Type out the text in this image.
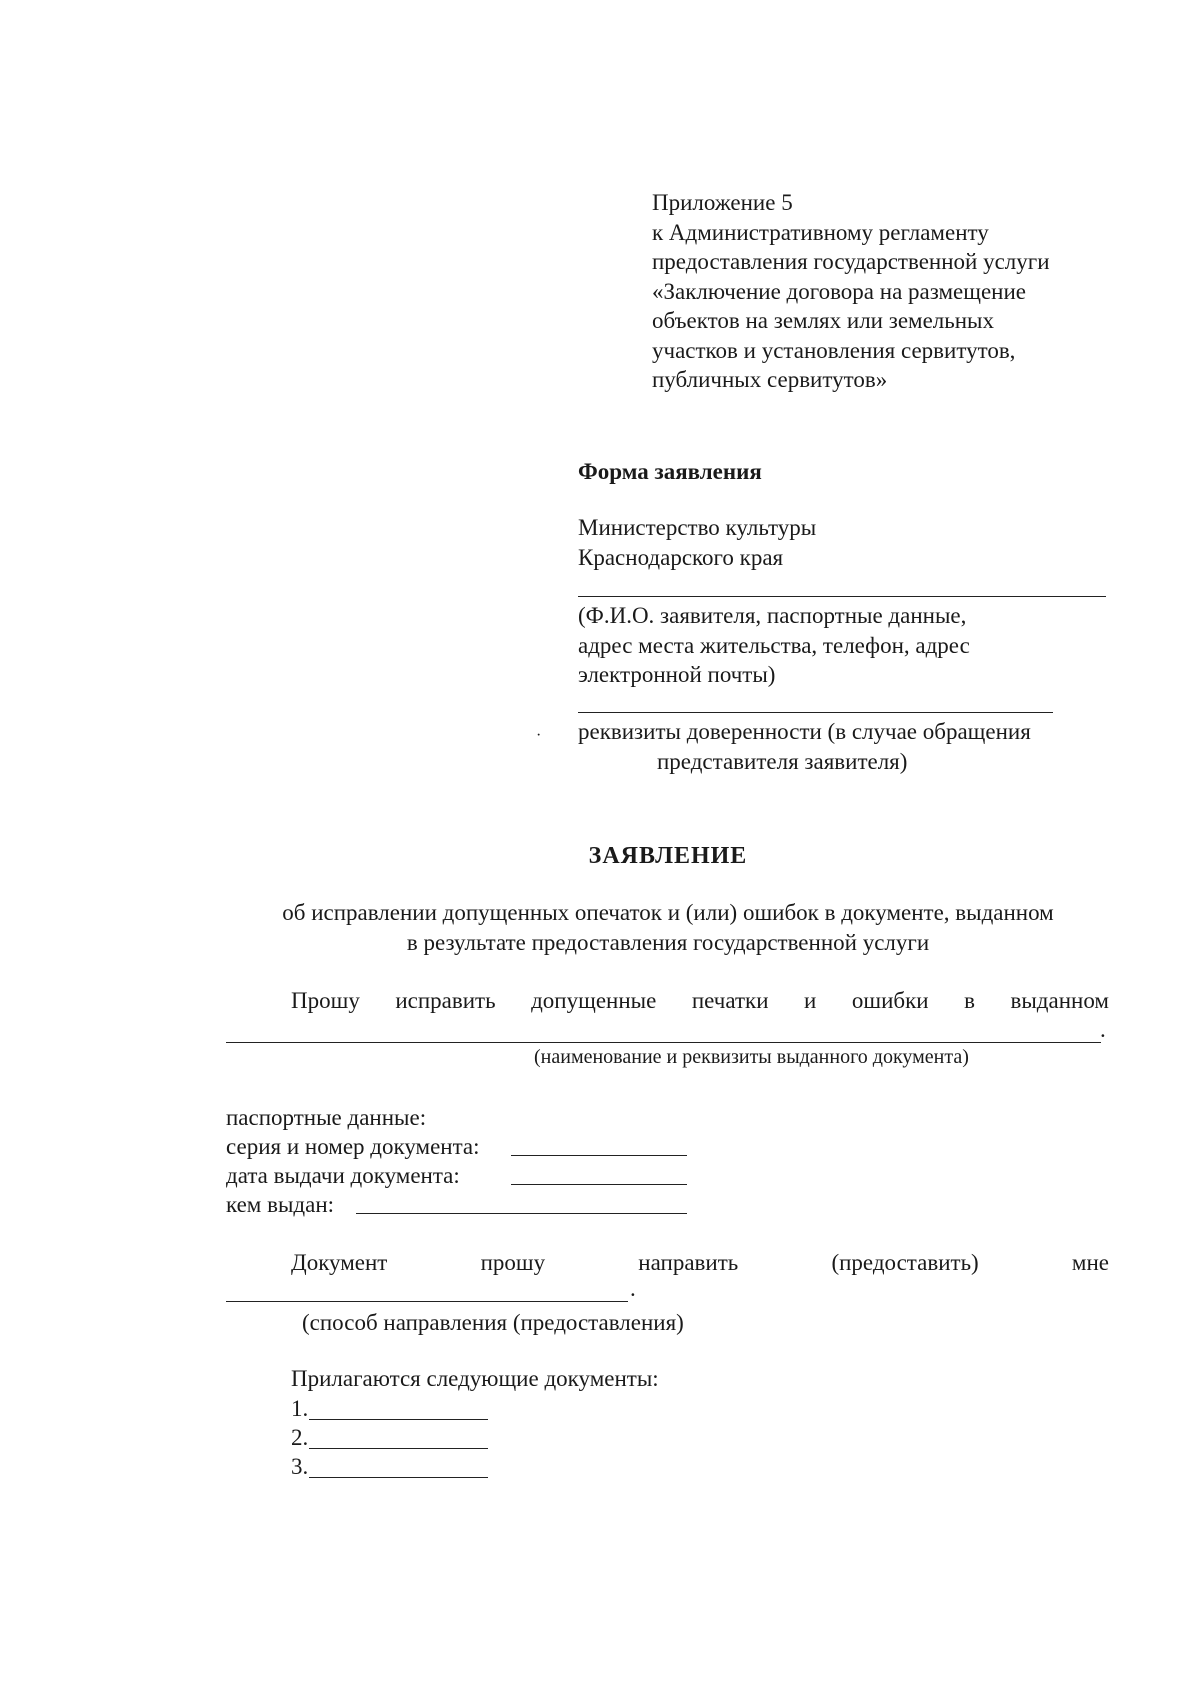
Приложение 5
к Административному регламенту
предоставления государственной услуги
«Заключение договора на размещение
объектов на землях или земельных
участков и установления сервитутов,
публичных сервитутов»
Форма заявления
Министерство культуры
Краснодарского края
(Ф.И.О. заявителя, паспортные данные,
адрес места жительства, телефон, адрес
электронной почты)
· реквизиты доверенности (в случае обращения
представителя заявителя)
ЗАЯВЛЕНИЕ
об исправлении допущенных опечаток и (или) ошибок в документе, выданном
в результате предоставления государственной услуги
Прошу исправить допущенные печатки и ошибки в выданном
.
(наименование и реквизиты выданного документа)
паспортные данные:
серия и номер документа:
дата выдачи документа:
кем выдан:
Документ	прошу	направить	(предоставить)	мне
.
(способ направления (предоставления)
Прилагаются следующие документы:
1.
2.
3.
